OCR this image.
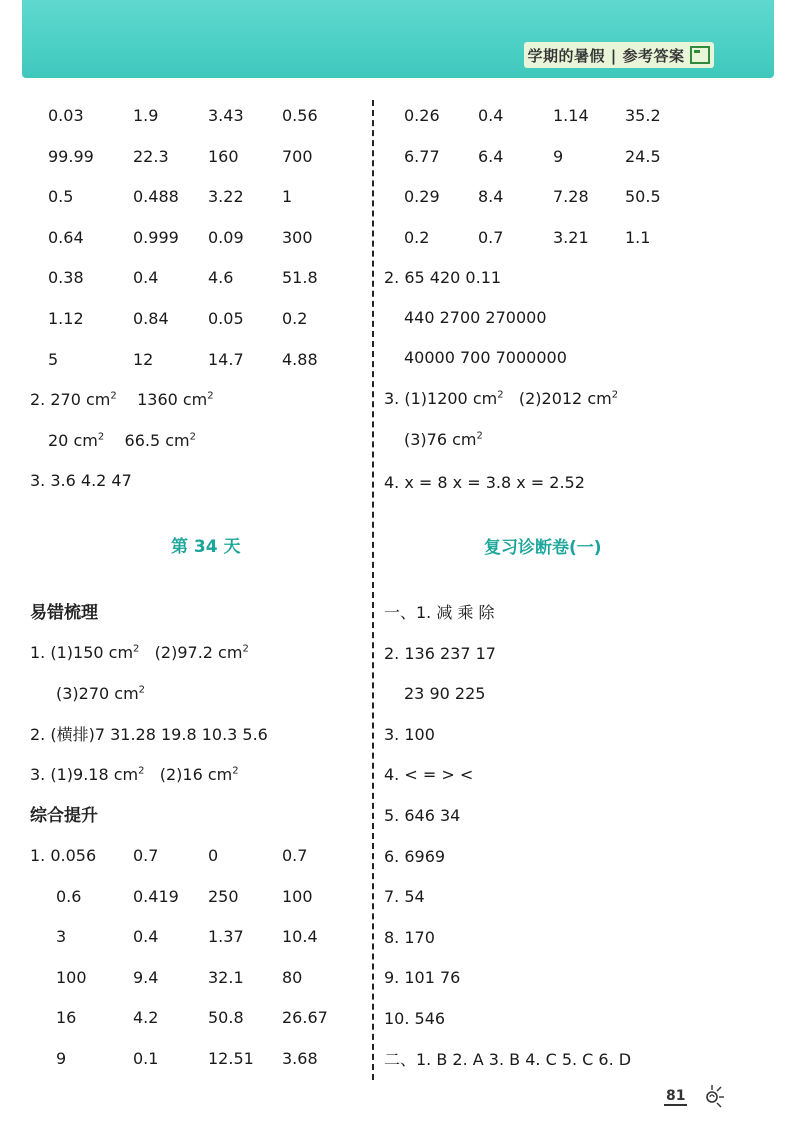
学期的暑假 | 参考答案
0.03	1.9	3.43 0.56
99.99 22.3 160	700
0.5	0.488 3.22 1
0.64	0.999 0.09 300
0.38	0.4	4.6	51.8
1.12	0.84 0.05 0.2
5	12	14.7 4.88
2. 270 $cm^2$ 1360 $cm^2$
20 $cm^2$ 66.5 $cm^2$
3. 3.6 4.2 47
第 34 天
易错梳理
1. (1)150 $cm^2$ (2)97.2 $cm^2$
(3)270 $cm^2$
2. (横排)7 31.28 19.8 10.3 5.6
3. (1)9.18 $cm^2$ (2)16 $cm^2$
综合提升
1. 0.056 0.7	0	0.7
0.6	0.419 250	100
3	0.4	1.37 10.4
100	9.4	32.1 80
16	4.2	50.8 26.67
9	0.1	12.51 3.68
0.26 0.4	1.14 35.2
6.77 6.4	9	24.5
0.29 8.4	7.28 50.5
0.2	0.7	3.21 1.1
2. 65 420 0.11
440 2700 270000
40000 700 7000000
3. (1)1200 $cm^2$ (2)2012 $cm^2$
(3)76 $cm^2$
4. x = 8 x = 3.8 x = 2.52
复习诊断卷(一)
一、1. 减 乘 除
2. 136 237 17
23 90 225
3. 100
4. < = > <
5. 646 34
6. 6969
7. 54
8. 170
9. 101 76
10. 546
二、1. B 2. A 3. B 4. C 5. C 6. D
81
